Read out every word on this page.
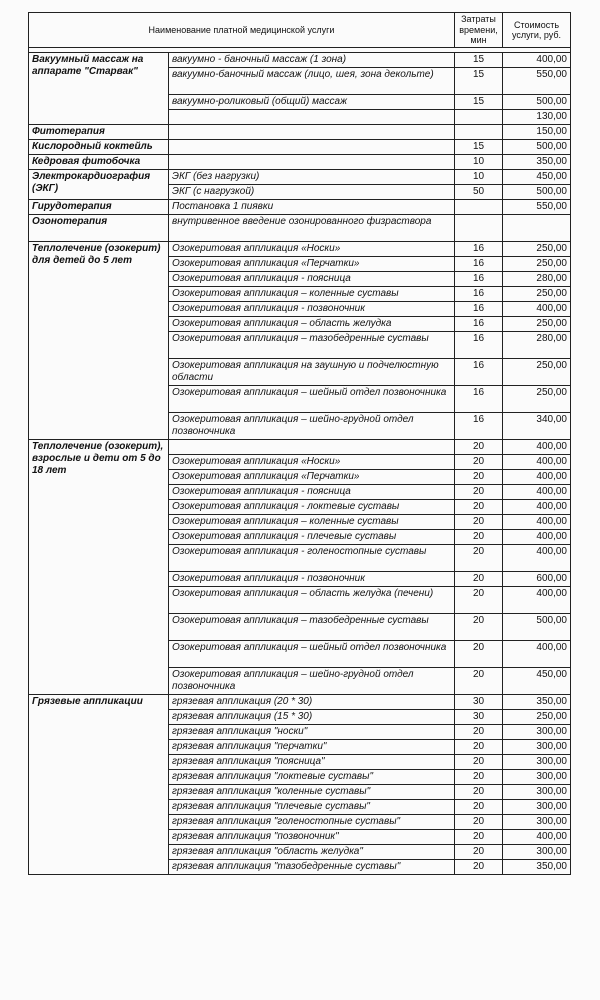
Наименование платной медицинской услуги		Затраты времени, мин	Стоимость услуги, руб.

Вакуумный массаж на аппарате "Старвак"	вакуумно - баночный массаж (1 зона)	15	400,00
	вакуумно-баночный массаж (лицо, шея, зона декольте)	15	550,00
	вакуумно-роликовый (общий) массаж	15	500,00
			130,00
Фитотерапия			150,00
Кислородный коктейль		15	500,00
Кедровая фитобочка		10	350,00
Электрокардиография (ЭКГ)	ЭКГ (без нагрузки)	10	450,00
	ЭКГ (с нагрузкой)	50	500,00
Гирудотерапия	Постановка 1 пиявки		550,00
Озонотерапия	внутривенное введение озонированного физраствора		
Теплолечение (озокерит) для детей до 5 лет	Озокеритовая аппликация «Носки»	16	250,00
	Озокеритовая аппликация «Перчатки»	16	250,00
	Озокеритовая аппликация - поясница	16	280,00
	Озокеритовая аппликация – коленные суставы	16	250,00
	Озокеритовая аппликация - позвоночник	16	400,00
	Озокеритовая аппликация – область желудка	16	250,00
	Озокеритовая аппликация – тазобедренные суставы	16	280,00
	Озокеритовая аппликация на заушную и подчелюстную области	16	250,00
	Озокеритовая аппликация – шейный отдел позвоночника	16	250,00
	Озокеритовая аппликация – шейно-грудной отдел позвоночника	16	340,00
Теплолечение (озокерит), взрослые и дети от 5 до 18 лет		20	400,00
	Озокеритовая аппликация «Носки»	20	400,00
	Озокеритовая аппликация «Перчатки»	20	400,00
	Озокеритовая аппликация - поясница	20	400,00
	Озокеритовая аппликация - локтевые суставы	20	400,00
	Озокеритовая аппликация – коленные суставы	20	400,00
	Озокеритовая аппликация - плечевые суставы	20	400,00
	Озокеритовая аппликация - голеностопные суставы	20	400,00
	Озокеритовая аппликация - позвоночник	20	600,00
	Озокеритовая аппликация – область желудка (печени)	20	400,00
	Озокеритовая аппликация – тазобедренные суставы	20	500,00
	Озокеритовая аппликация – шейный отдел позвоночника	20	400,00
	Озокеритовая аппликация – шейно-грудной отдел позвоночника	20	450,00
Грязевые аппликации	грязевая аппликация (20 * 30)	30	350,00
	грязевая аппликация (15 * 30)	30	250,00
	грязевая аппликация "носки"	20	300,00
	грязевая аппликация "перчатки"	20	300,00
	грязевая аппликация "поясница"	20	300,00
	грязевая аппликация "локтевые суставы"	20	300,00
	грязевая аппликация "коленные суставы"	20	300,00
	грязевая аппликация "плечевые суставы"	20	300,00
	грязевая аппликация "голеностопные суставы"	20	300,00
	грязевая аппликация "позвоночник"	20	400,00
	грязевая аппликация "область желудка"	20	300,00
	грязевая аппликация "тазобедренные суставы"	20	350,00
